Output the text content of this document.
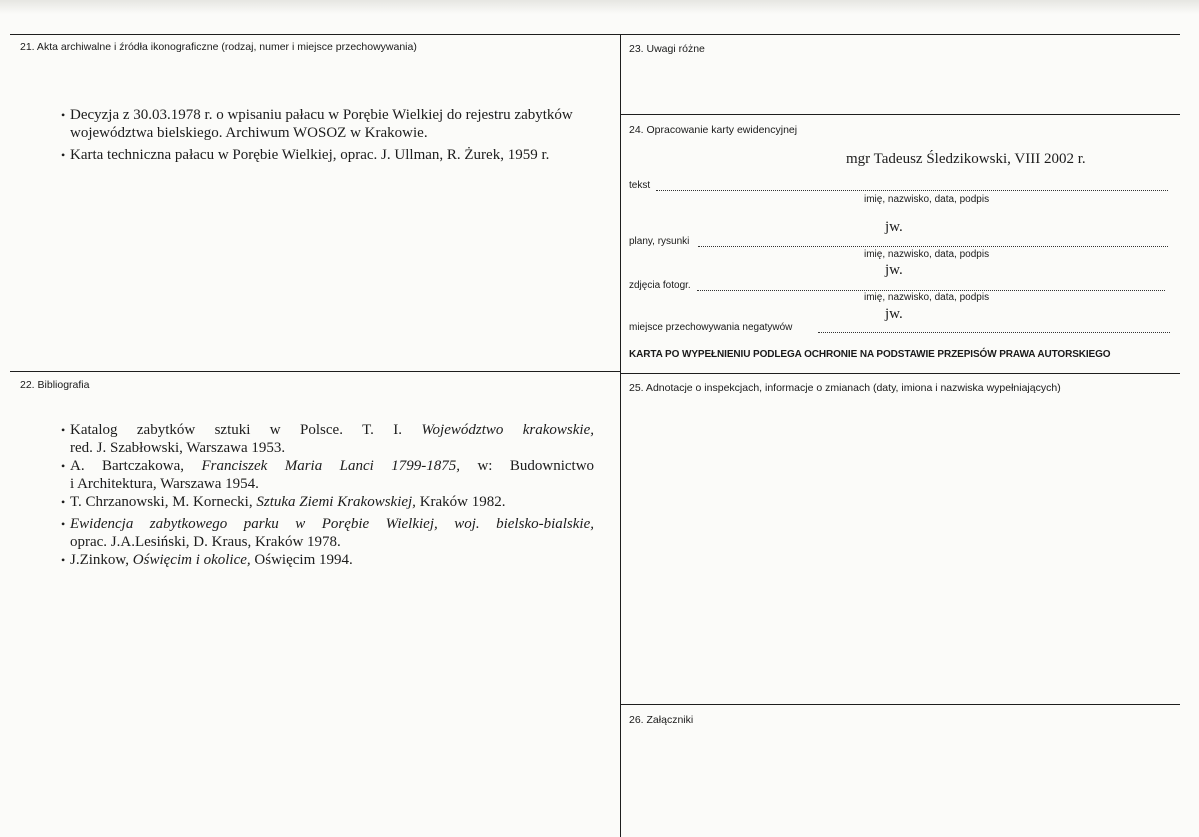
21. Akta archiwalne i źródła ikonograficzne (rodzaj, numer i miejsce przechowywania)
• Decyzja z 30.03.1978 r. o wpisaniu pałacu w Porębie Wielkiej do rejestru zabytków
województwa bielskiego. Archiwum WOSOZ w Krakowie.
• Karta techniczna pałacu w Porębie Wielkiej, oprac. J. Ullman, R. Żurek, 1959 r.
22. Bibliografia
• Katalog zabytków sztuki w Polsce. T. I. Województwo krakowskie,
red. J. Szabłowski, Warszawa 1953.
• A. Bartczakowa, Franciszek Maria Lanci 1799-1875, w: Budownictwo
i Architektura, Warszawa 1954.
• T. Chrzanowski, M. Kornecki, Sztuka Ziemi Krakowskiej, Kraków 1982.
• Ewidencja zabytkowego parku w Porębie Wielkiej, woj. bielsko-bialskie,
oprac. J.A.Lesiński, D. Kraus, Kraków 1978.
• J.Zinkow, Oświęcim i okolice, Oświęcim 1994.
23. Uwagi różne
24. Opracowanie karty ewidencyjnej
mgr Tadeusz Śledzikowski, VIII 2002 r.
tekst
imię, nazwisko, data, podpis
jw.
plany, rysunki
imię, nazwisko, data, podpis
jw.
zdjęcia fotogr.
imię, nazwisko, data, podpis
jw.
miejsce przechowywania negatywów
KARTA PO WYPEŁNIENIU PODLEGA OCHRONIE NA PODSTAWIE PRZEPISÓW PRAWA AUTORSKIEGO
25. Adnotacje o inspekcjach, informacje o zmianach (daty, imiona i nazwiska wypełniających)
26. Załączniki
